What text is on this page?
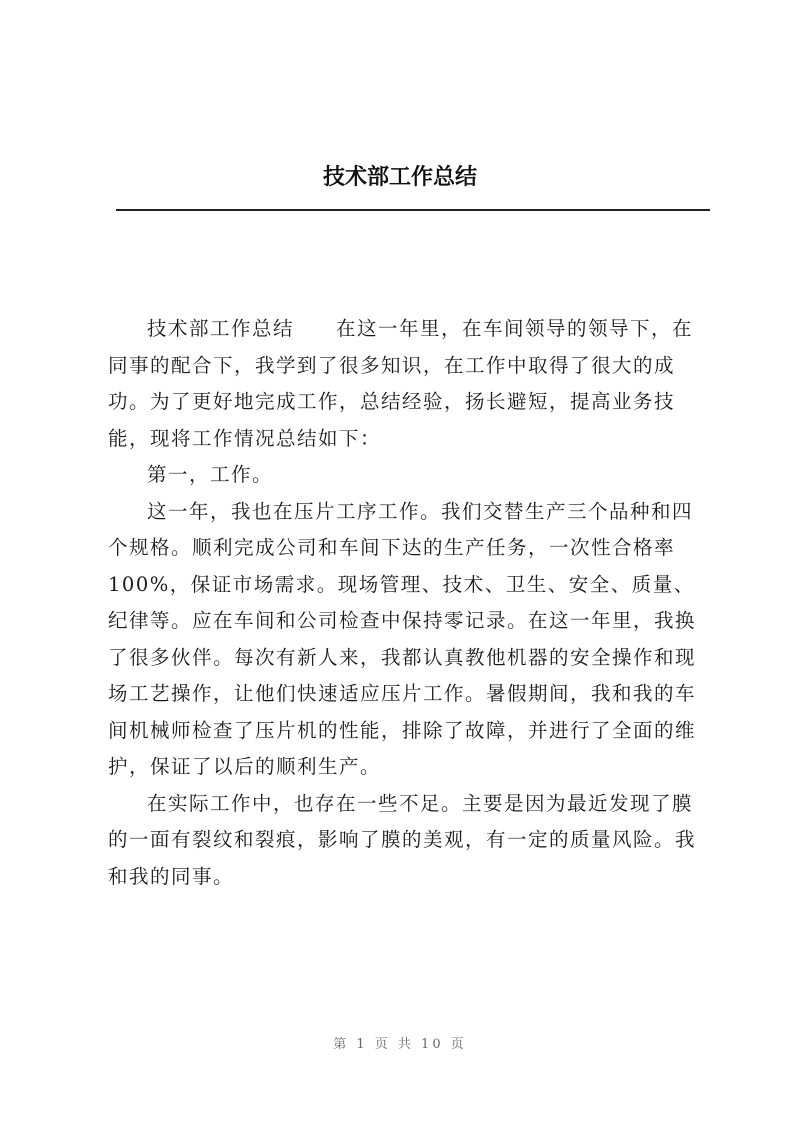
技术部工作总结

技术部工作总结　　在这一年里，在车间领导的领导下，在同事的配合下，我学到了很多知识，在工作中取得了很大的成功。为了更好地完成工作，总结经验，扬长避短，提高业务技能，现将工作情况总结如下：

第一，工作。

这一年，我也在压片工序工作。我们交替生产三个品种和四个规格。顺利完成公司和车间下达的生产任务，一次性合格率100%，保证市场需求。现场管理、技术、卫生、安全、质量、纪律等。应在车间和公司检查中保持零记录。在这一年里，我换了很多伙伴。每次有新人来，我都认真教他机器的安全操作和现场工艺操作，让他们快速适应压片工作。暑假期间，我和我的车间机械师检查了压片机的性能，排除了故障，并进行了全面的维护，保证了以后的顺利生产。

在实际工作中，也存在一些不足。主要是因为最近发现了膜的一面有裂纹和裂痕，影响了膜的美观，有一定的质量风险。我和我的同事。

第 1 页 共 10 页
